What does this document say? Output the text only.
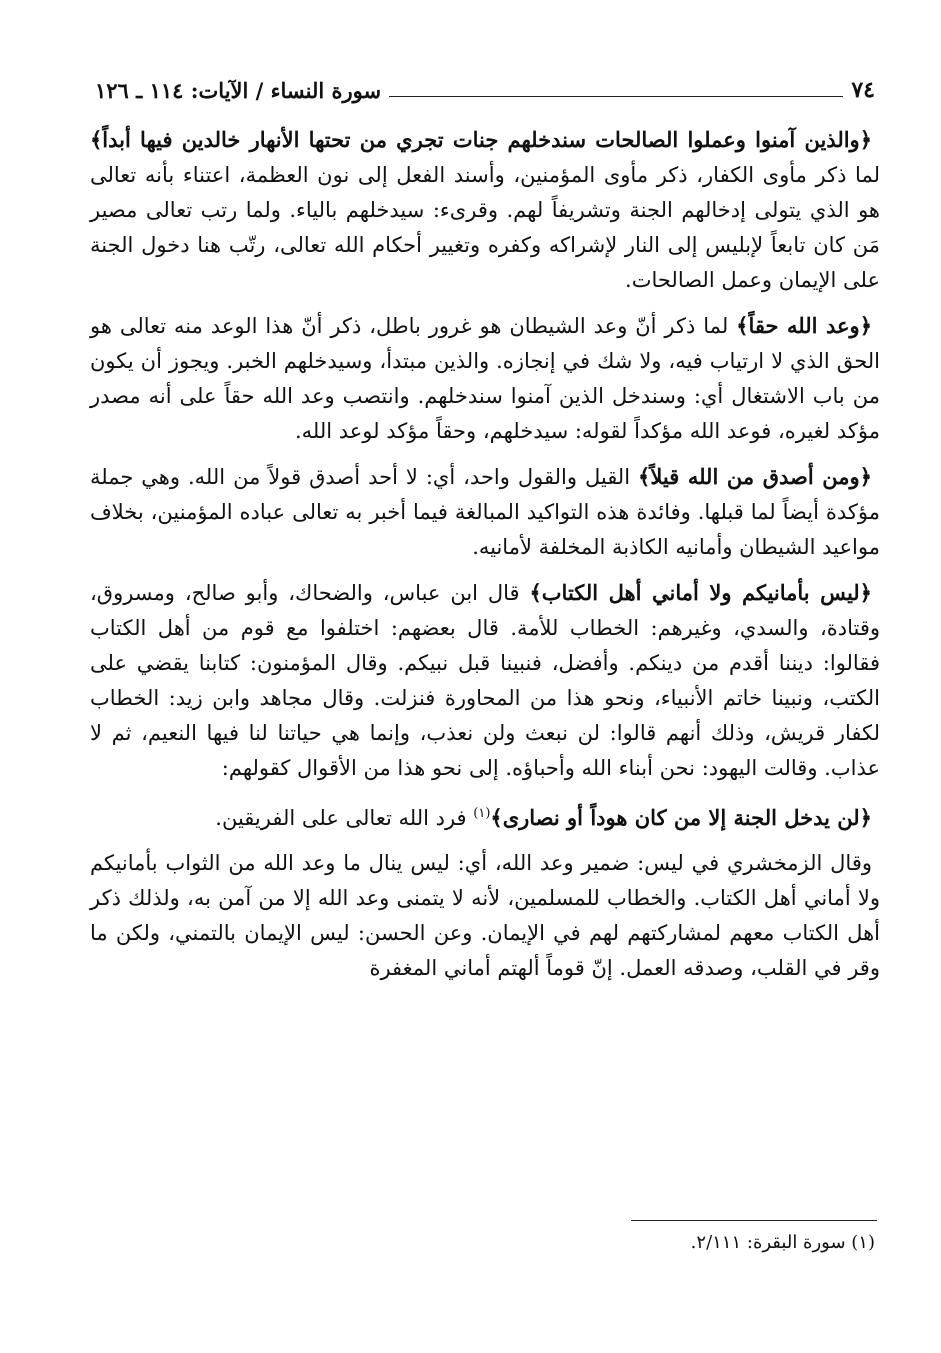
٧٤
سورة النساء / الآيات: ١١٤ ـ ١٢٦

﴿والذين آمنوا وعملوا الصالحات سندخلهم جنات تجري من تحتها الأنهار خالدين فيها أبداً﴾ لما ذكر مأوى الكفار، ذكر مأوى المؤمنين، وأسند الفعل إلى نون العظمة، اعتناء بأنه تعالى هو الذي يتولى إدخالهم الجنة وتشريفاً لهم. وقرىء: سيدخلهم بالياء. ولما رتب تعالى مصير مَن كان تابعاً لإبليس إلى النار لإشراكه وكفره وتغيير أحكام الله تعالى، رتّب هنا دخول الجنة على الإيمان وعمل الصالحات.

﴿وعد الله حقاً﴾ لما ذكر أنّ وعد الشيطان هو غرور باطل، ذكر أنّ هذا الوعد منه تعالى هو الحق الذي لا ارتياب فيه، ولا شك في إنجازه. والذين مبتدأ، وسيدخلهم الخبر. ويجوز أن يكون من باب الاشتغال أي: وسندخل الذين آمنوا سندخلهم. وانتصب وعد الله حقاً على أنه مصدر مؤكد لغيره، فوعد الله مؤكداً لقوله: سيدخلهم، وحقاً مؤكد لوعد الله.

﴿ومن أصدق من الله قيلاً﴾ القيل والقول واحد، أي: لا أحد أصدق قولاً من الله. وهي جملة مؤكدة أيضاً لما قبلها. وفائدة هذه التواكيد المبالغة فيما أخبر به تعالى عباده المؤمنين، بخلاف مواعيد الشيطان وأمانيه الكاذبة المخلفة لأمانيه.

﴿ليس بأمانيكم ولا أماني أهل الكتاب﴾ قال ابن عباس، والضحاك، وأبو صالح، ومسروق، وقتادة، والسدي، وغيرهم: الخطاب للأمة. قال بعضهم: اختلفوا مع قوم من أهل الكتاب فقالوا: ديننا أقدم من دينكم. وأفضل، فنبينا قبل نبيكم. وقال المؤمنون: كتابنا يقضي على الكتب، ونبينا خاتم الأنبياء، ونحو هذا من المحاورة فنزلت. وقال مجاهد وابن زيد: الخطاب لكفار قريش، وذلك أنهم قالوا: لن نبعث ولن نعذب، وإنما هي حياتنا لنا فيها النعيم، ثم لا عذاب. وقالت اليهود: نحن أبناء الله وأحباؤه. إلى نحو هذا من الأقوال كقولهم:

﴿لن يدخل الجنة إلا من كان هوداً أو نصارى﴾$^{(١)}$ فرد الله تعالى على الفريقين.

وقال الزمخشري في ليس: ضمير وعد الله، أي: ليس ينال ما وعد الله من الثواب بأمانيكم ولا أماني أهل الكتاب. والخطاب للمسلمين، لأنه لا يتمنى وعد الله إلا من آمن به، ولذلك ذكر أهل الكتاب معهم لمشاركتهم لهم في الإيمان. وعن الحسن: ليس الإيمان بالتمني، ولكن ما وقر في القلب، وصدقه العمل. إنّ قوماً ألهتم أماني المغفرة

(١) سورة البقرة: ٢/١١١.
